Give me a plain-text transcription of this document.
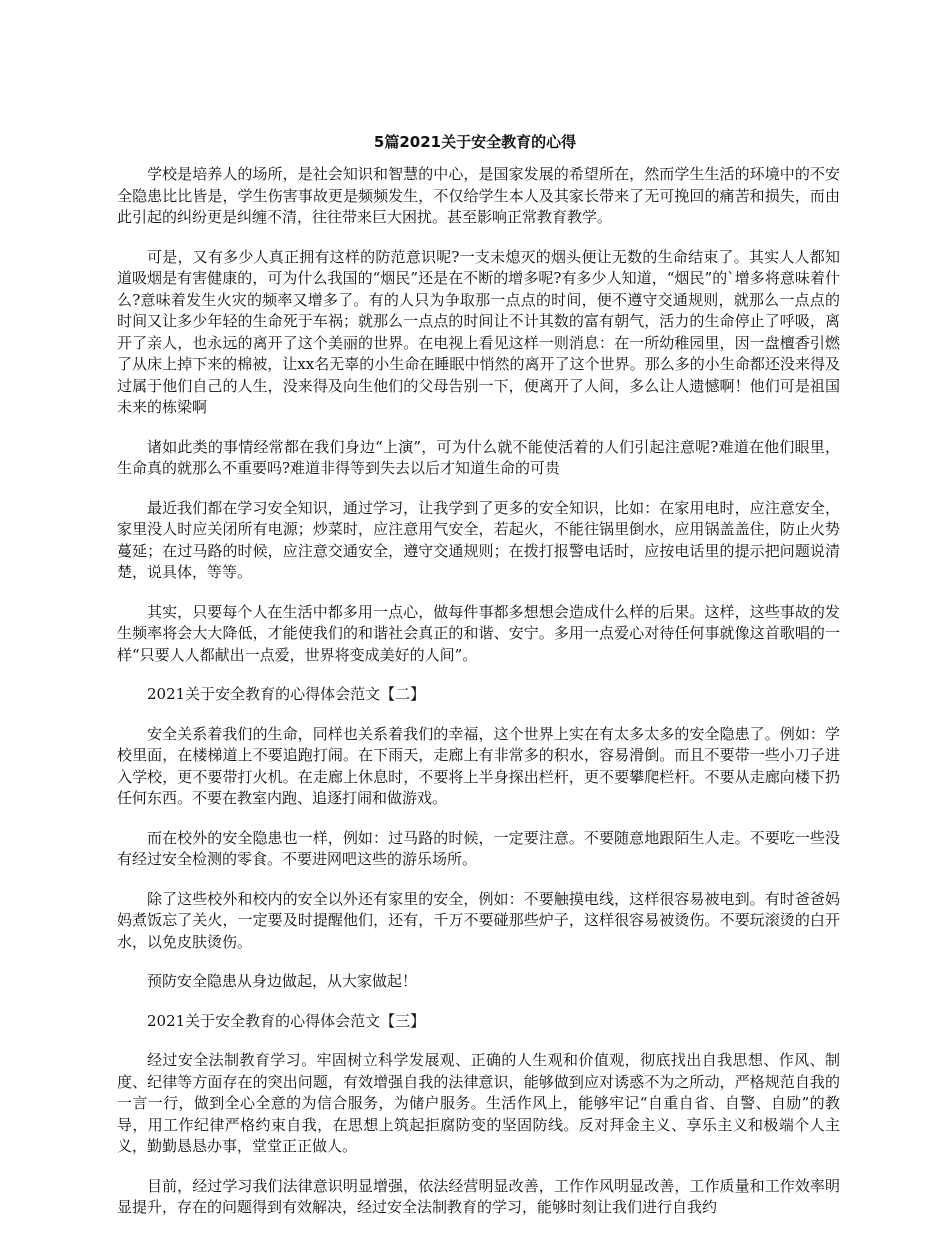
5篇2021关于安全教育的心得

学校是培养人的场所，是社会知识和智慧的中心，是国家发展的希望所在，然而学生生活的环境中的不安全隐患比比皆是，学生伤害事故更是频频发生，不仅给学生本人及其家长带来了无可挽回的痛苦和损失，而由此引起的纠纷更是纠缠不清，往往带来巨大困扰。甚至影响正常教育教学。

可是，又有多少人真正拥有这样的防范意识呢?一支未熄灭的烟头便让无数的生命结束了。其实人人都知道吸烟是有害健康的，可为什么我国的“烟民”还是在不断的增多呢?有多少人知道，“烟民”的`增多将意味着什么?意味着发生火灾的频率又增多了。有的人只为争取那一点点的时间，便不遵守交通规则，就那么一点点的时间又让多少年轻的生命死于车祸；就那么一点点的时间让不计其数的富有朝气，活力的生命停止了呼吸，离开了亲人，也永远的离开了这个美丽的世界。在电视上看见这样一则消息：在一所幼稚园里，因一盘檀香引燃了从床上掉下来的棉被，让xx名无辜的小生命在睡眠中悄然的离开了这个世界。那么多的小生命都还没来得及过属于他们自己的人生，没来得及向生他们的父母告别一下，便离开了人间，多么让人遗憾啊！他们可是祖国未来的栋梁啊

诸如此类的事情经常都在我们身边“上演”，可为什么就不能使活着的人们引起注意呢?难道在他们眼里，生命真的就那么不重要吗?难道非得等到失去以后才知道生命的可贵

最近我们都在学习安全知识，通过学习，让我学到了更多的安全知识，比如：在家用电时，应注意安全，家里没人时应关闭所有电源；炒菜时，应注意用气安全，若起火，不能往锅里倒水，应用锅盖盖住，防止火势蔓延；在过马路的时候，应注意交通安全，遵守交通规则；在拨打报警电话时，应按电话里的提示把问题说清楚，说具体，等等。

其实，只要每个人在生活中都多用一点心，做每件事都多想想会造成什么样的后果。这样，这些事故的发生频率将会大大降低，才能使我们的和谐社会真正的和谐、安宁。多用一点爱心对待任何事就像这首歌唱的一样“只要人人都献出一点爱，世界将变成美好的人间”。

2021关于安全教育的心得体会范文【二】

安全关系着我们的生命，同样也关系着我们的幸福，这个世界上实在有太多太多的安全隐患了。例如：学校里面，在楼梯道上不要追跑打闹。在下雨天，走廊上有非常多的积水，容易滑倒。而且不要带一些小刀子进入学校，更不要带打火机。在走廊上休息时，不要将上半身探出栏杆，更不要攀爬栏杆。不要从走廊向楼下扔任何东西。不要在教室内跑、追逐打闹和做游戏。

而在校外的安全隐患也一样，例如：过马路的时候，一定要注意。不要随意地跟陌生人走。不要吃一些没有经过安全检测的零食。不要进网吧这些的游乐场所。

除了这些校外和校内的安全以外还有家里的安全，例如：不要触摸电线，这样很容易被电到。有时爸爸妈妈煮饭忘了关火，一定要及时提醒他们，还有，千万不要碰那些炉子，这样很容易被烫伤。不要玩滚烫的白开水，以免皮肤烫伤。

预防安全隐患从身边做起，从大家做起！

2021关于安全教育的心得体会范文【三】

经过安全法制教育学习。牢固树立科学发展观、正确的人生观和价值观，彻底找出自我思想、作风、制度、纪律等方面存在的突出问题，有效增强自我的法律意识，能够做到应对诱惑不为之所动，严格规范自我的一言一行，做到全心全意的为信合服务，为储户服务。生活作风上，能够牢记“自重自省、自警、自励”的教导，用工作纪律严格约束自我，在思想上筑起拒腐防变的坚固防线。反对拜金主义、享乐主义和极端个人主义，勤勤恳恳办事，堂堂正正做人。

目前，经过学习我们法律意识明显增强，依法经营明显改善，工作作风明显改善，工作质量和工作效率明显提升，存在的问题得到有效解决，经过安全法制教育的学习，能够时刻让我们进行自我约
